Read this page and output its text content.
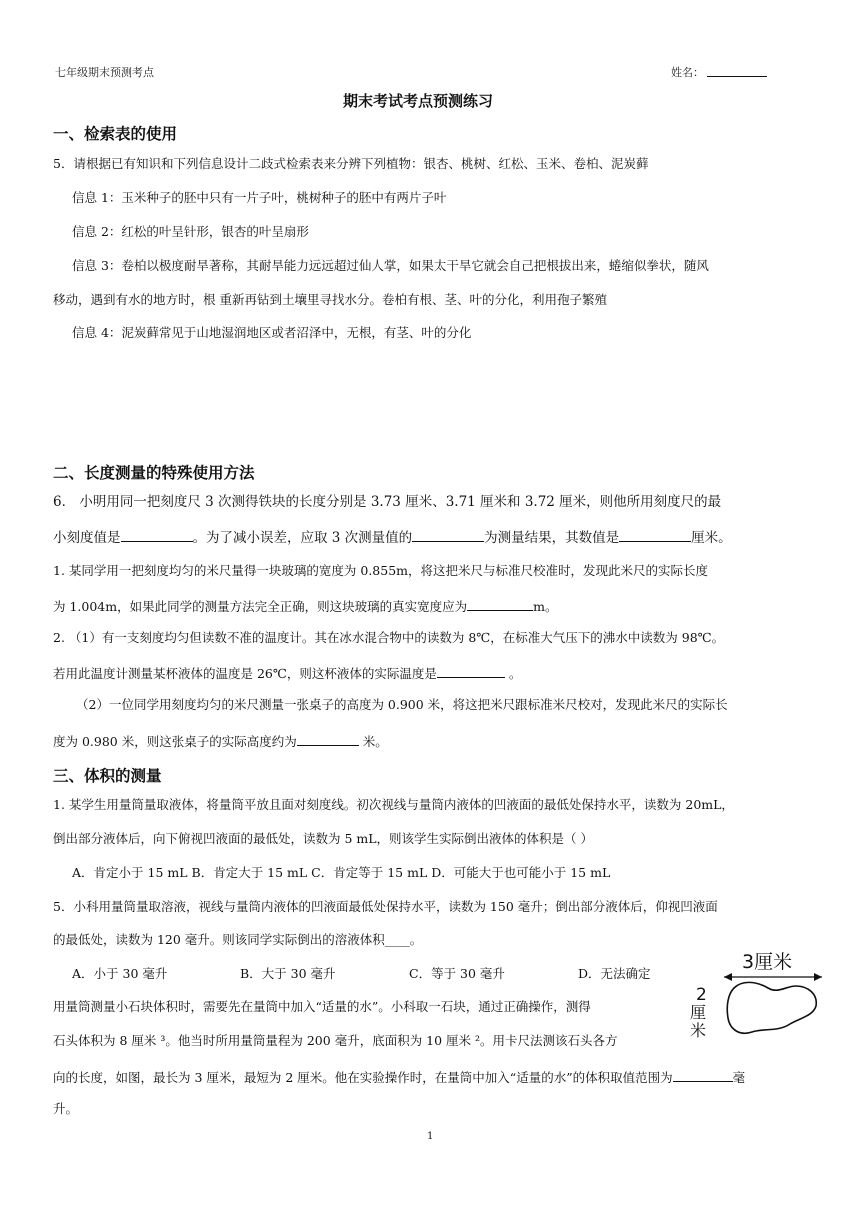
七年级期末预测考点	姓名：
期末考试考点预测练习
一、检索表的使用
5．请根据已有知识和下列信息设计二歧式检索表来分辨下列植物：银杏、桃树、红松、玉米、卷柏、泥炭藓
信息 1：玉米种子的胚中只有一片子叶，桃树种子的胚中有两片子叶
信息 2：红松的叶呈针形，银杏的叶呈扇形
信息 3：卷柏以极度耐旱著称，其耐旱能力远远超过仙人掌，如果太干旱它就会自己把根拔出来，蜷缩似拳状，随风
移动，遇到有水的地方时，根 重新再钻到土壤里寻找水分。卷柏有根、茎、叶的分化，利用孢子繁殖
信息 4：泥炭藓常见于山地湿润地区或者沼泽中，无根，有茎、叶的分化
二、长度测量的特殊使用方法
6． 小明用同一把刻度尺 3 次测得铁块的长度分别是 3.73 厘米、3.71 厘米和 3.72 厘米，则他所用刻度尺的最
小刻度值是	。为了减小误差，应取 3 次测量值的	为测量结果，其数值是	厘米。
1. 某同学用一把刻度均匀的米尺量得一块玻璃的宽度为 0.855m，将这把米尺与标准尺校准时，发现此米尺的实际长度
为 1.004m，如果此同学的测量方法完全正确，则这块玻璃的真实宽度应为	m。
2. （1）有一支刻度均匀但读数不准的温度计。其在冰水混合物中的读数为 8℃，在标准大气压下的沸水中读数为 98℃。
若用此温度计测量某杯液体的温度是 26℃，则这杯液体的实际温度是	。
（2）一位同学用刻度均匀的米尺测量一张桌子的高度为 0.900 米，将这把米尺跟标准米尺校对，发现此米尺的实际长
度为 0.980 米，则这张桌子的实际高度约为	米。
三、体积的测量
1. 某学生用量筒量取液体，将量筒平放且面对刻度线。初次视线与量筒内液体的凹液面的最低处保持水平，读数为 20mL，
倒出部分液体后，向下俯视凹液面的最低处，读数为 5 mL，则该学生实际倒出液体的体积是（ ）
A．肯定小于 15 mL B．肯定大于 15 mL C．肯定等于 15 mL D．可能大于也可能小于 15 mL
5．小科用量筒量取溶液，视线与量筒内液体的凹液面最低处保持水平，读数为 150 毫升；倒出部分液体后，仰视凹液面
的最低处，读数为 120 毫升。则该同学实际倒出的溶液体积____。
A．小于 30 毫升	B．大于 30 毫升	C．等于 30 毫升	D．无法确定
用量筒测量小石块体积时，需要先在量筒中加入“适量的水”。小科取一石块，通过正确操作，测得
石头体积为 8 厘米 ³。他当时所用量筒量程为 200 毫升，底面积为 10 厘米 ²。用卡尺法测该石头各方
向的长度，如图，最长为 3 厘米，最短为 2 厘米。他在实验操作时，在量筒中加入“适量的水”的体积取值范围为	毫
升。
3厘米
2
厘
米
1
